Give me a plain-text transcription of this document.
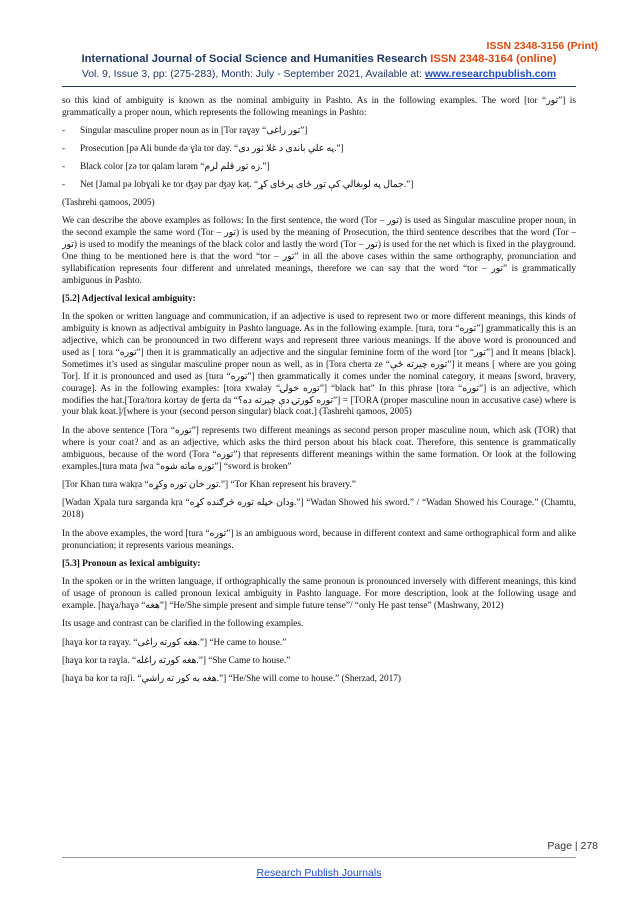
ISSN 2348-3156 (Print)
International Journal of Social Science and Humanities Research ISSN 2348-3164 (online)
Vol. 9, Issue 3, pp: (275-283), Month: July - September 2021, Available at: www.researchpublish.com

so this kind of ambiguity is known as the nominal ambiguity in Pashto. As in the following examples. The word [tor “تور”] is grammatically a proper noun, which represents the following meanings in Pashto:

-	Singular masculine proper noun as in [Tor raɣay “تور راغی”]
-	Prosecution [pə Ali bunde də ɣla tor day. “په علي باندی د غلا تور دی.”]
-	Black color [zə tor qalam larəm “زه تور قلم لرم.”]
-	Net [Jamal pə lobɣali ke tor ʤəy pər ʤəy kəṭ. “جمال په لوبغالي کې تور ځای پرځای کړ.”]

(Tashrehi qamoos, 2005)

We can describe the above examples as follows: In the first sentence, the word (Tor – تور) is used as Singular masculine proper noun, in the second example the same word (Tor – تور) is used by the meaning of Prosecution, the third sentence describes that the word (Tor – تور) is used to modify the meanings of the black color and lastly the word (Tor – تور) is used for the net which is fixed in the playground. One thing to be mentioned here is that the word “tor – تور” in all the above cases within the same orthography, pronunciation and syllabification represents four different and unrelated meanings, therefore we can say that the word “tor – تور” is grammatically ambiguous in Pashto.

[5.2] Adjectival lexical ambiguity:

In the spoken or written language and communication, if an adjective is used to represent two or more different meanings, this kinds of ambiguity is known as adjectival ambiguity in Pashto language. As in the following example. [tura, tora “توره”] grammatically this is an adjective, which can be pronounced in two different ways and represent three various meanings. If the above word is pronounced and used as [ tora “توره”] then it is grammatically an adjective and the singular feminine form of the word [tor “تور”] and It means [black]. Sometimes it’s used as singular masculine proper noun as well, as in [Tora cherta ze “توره چیرته ځې”] it means [ where are you going Tor]. If it is pronounced and used as [tura “توره”] then grammatically it comes under the nominal category, it means [sword, bravery, courage]. As in the following examples: [tora xwaləy “توره خولۍ”] “black hat” In this phrase [tora “توره”] is an adjective, which modifies the hat.[Tora/tora kortəy de ʧerta da “توره کورتۍ دې چیرته ده؟”] = [TORA (proper masculine noun in accusative case) where is your blak koat.]/[where is your (second person singular) black coat.] (Tashrehi qamoos, 2005)

In the above sentence [Tora “توره”] represents two different meanings as second person proper masculine noun, which ask (TOR) that where is your coat? and as an adjective, which asks the third person about his black coat. Therefore, this sentence is grammatically ambiguous, because of the word (Tora “توره”) that represents different meanings within the same formation. Or look at the following examples.[tura mata ʃwa “توره ماته شوه”] “sword is broken”

[Tor Khan tura wakṛa “تور خان توره وکړه.”] “Tor Khan represent his bravery.”

[Wadan Xpala tura sarganda kṛa “ودان خپله توره څرګنده کړه.”] “Wadan Showed his sword.” / “Wadan Showed his Courage.” (Chamtu, 2018)

In the above examples, the word [tura “توره”] is an ambiguous word, because in different context and same orthographical form and alike pronunciation; it represents various meanings.

[5.3] Pronoun as lexical ambiguity:

In the spoken or in the written language, if orthographically the same pronoun is pronounced inversely with different meanings, this kind of usage of pronoun is called pronoun lexical ambiguity in Pashto language. For more description, look at the following usage and example. [haɣa/haɣə “هغه”] “He/She simple present and simple future tense”/ “only He past tense” (Mashwany, 2012)

Its usage and contrast can be clarified in the following examples.

[haɣa kor ta raɣay. “هغه کورته راغی.”] “He came to house.”

[haɣa kor ta raɣla. “هغه کورته راغله.”] “She Came to house.”

[haɣa ba kor ta raʃi. “هغه به کور ته راشي.”] “He/She will come to house.” (Sherzad, 2017)

Page | 278
Research Publish Journals
